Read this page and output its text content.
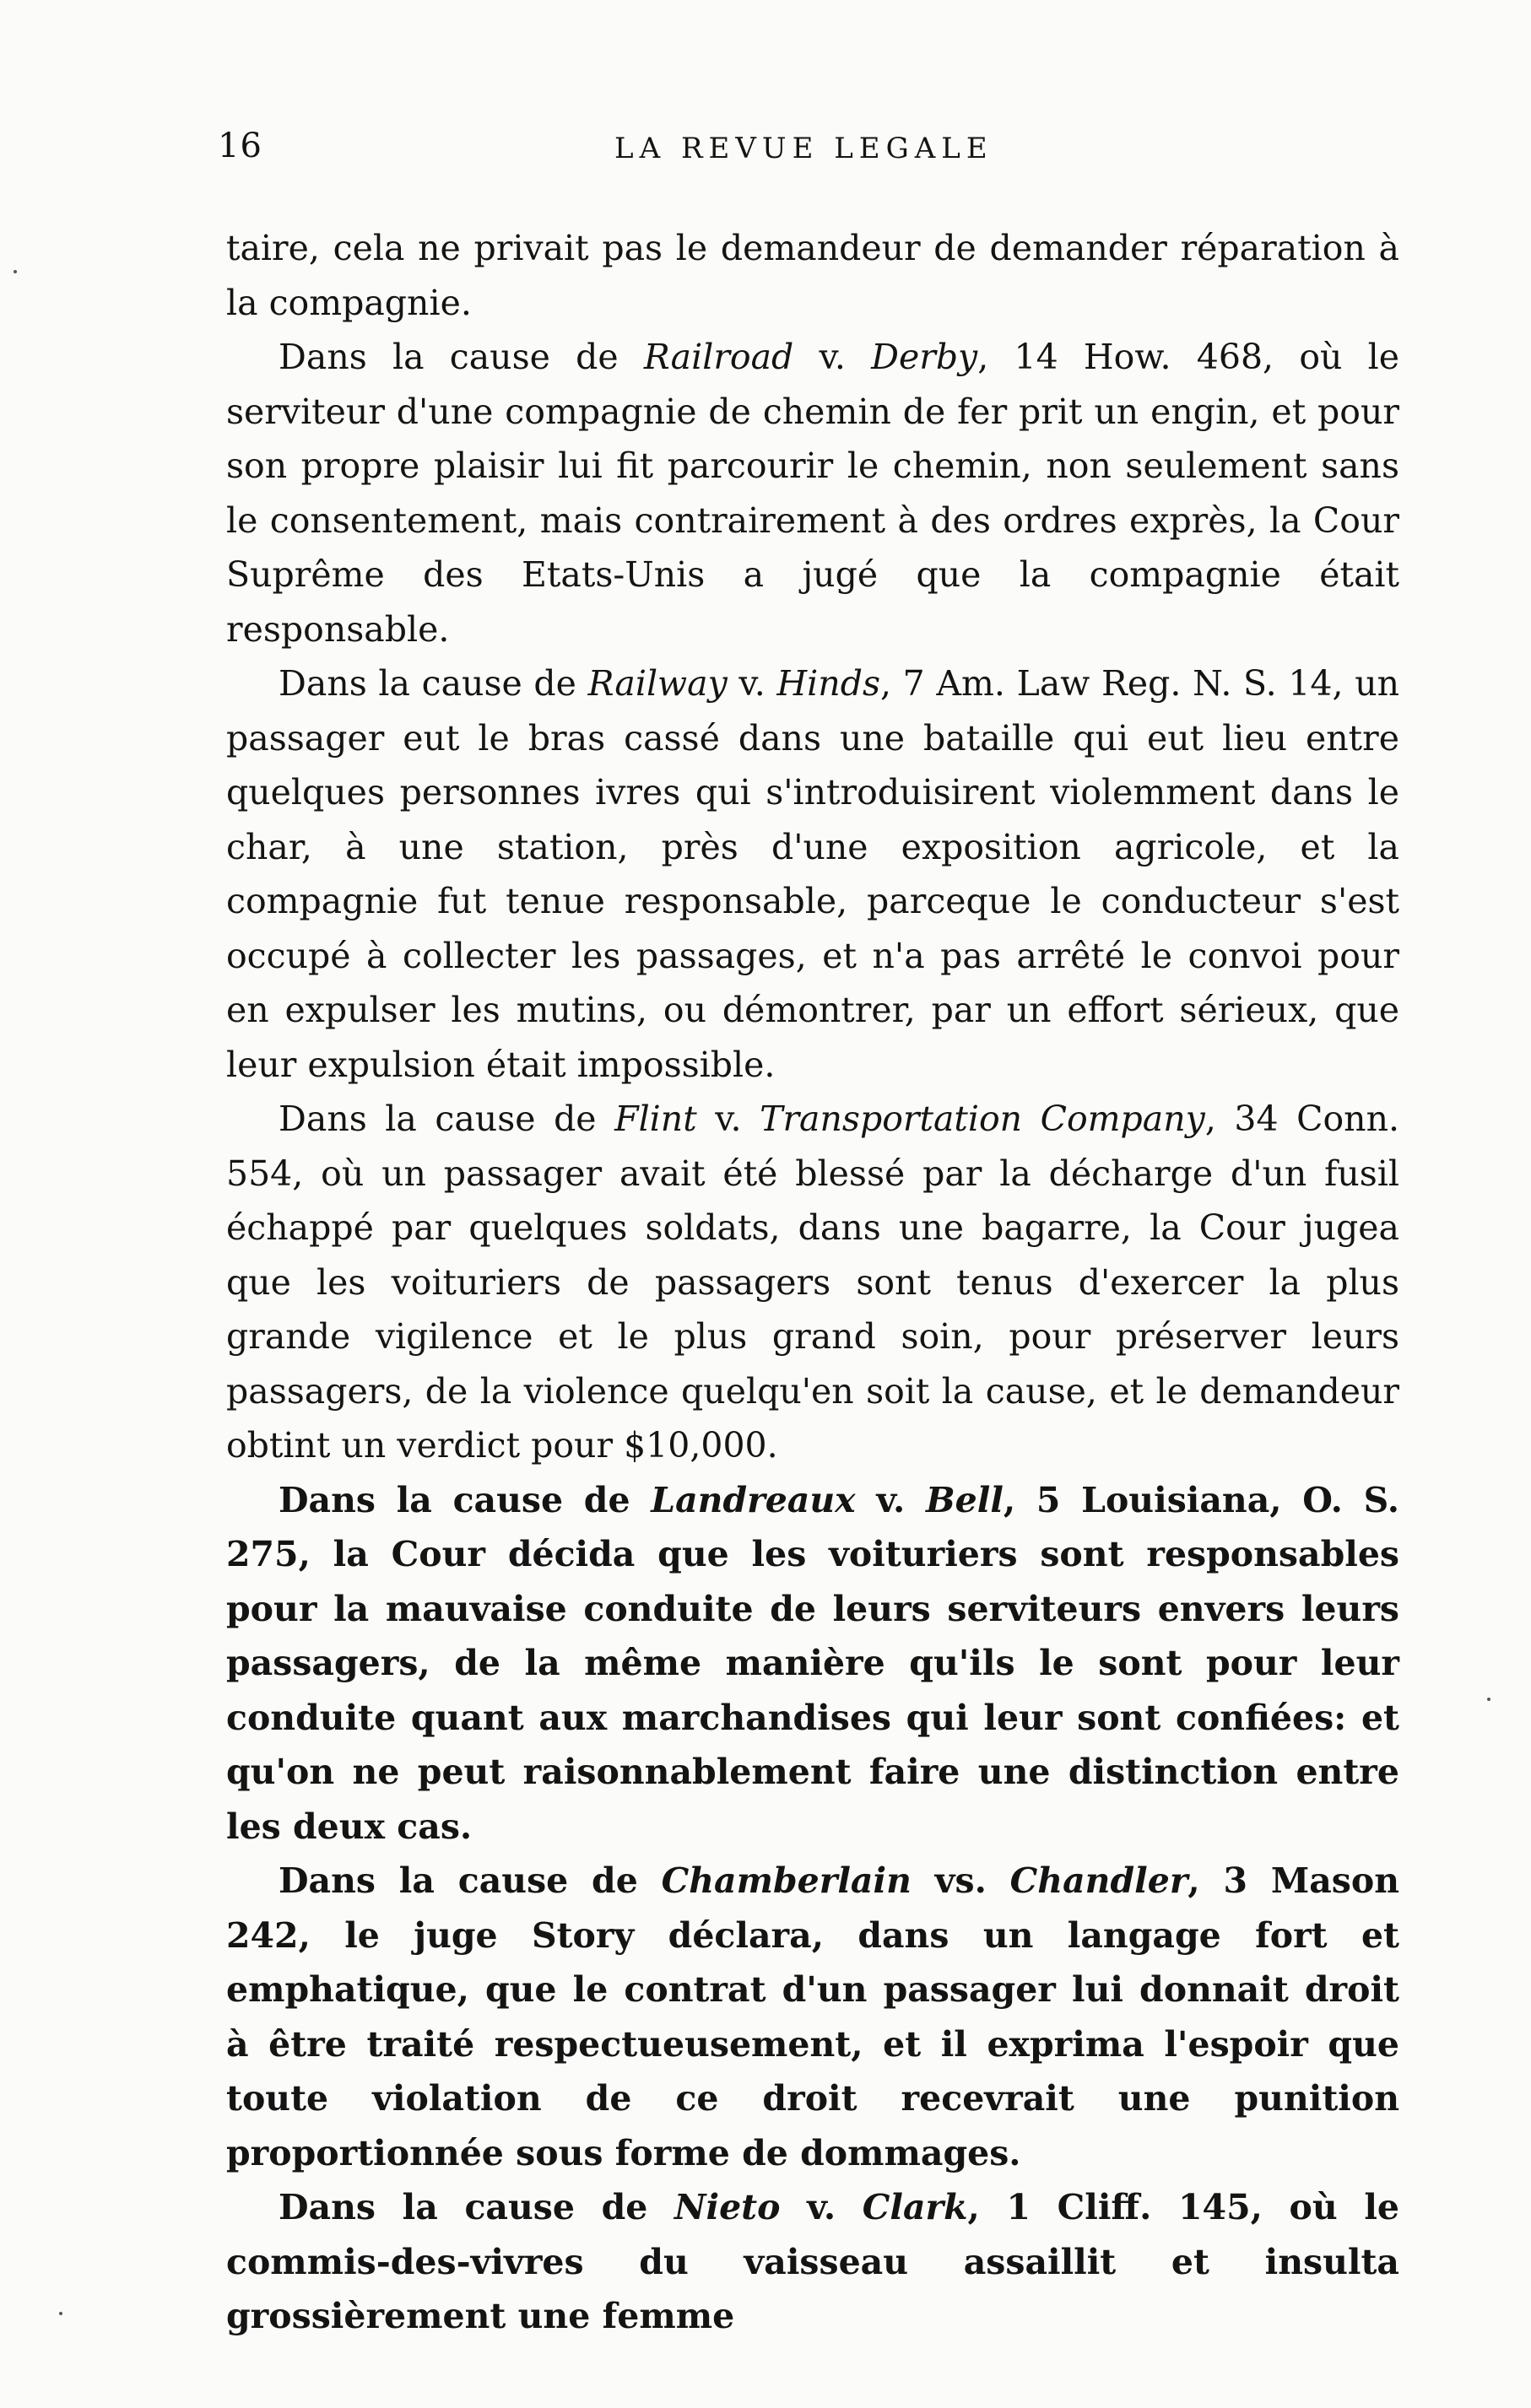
16	LA REVUE LEGALE

taire, cela ne privait pas le demandeur de demander réparation à la compagnie.

Dans la cause de Railroad v. Derby, 14 How. 468, où le serviteur d'une compagnie de chemin de fer prit un engin, et pour son propre plaisir lui fit parcourir le chemin, non seulement sans le consentement, mais contrairement à des ordres exprès, la Cour Suprême des Etats-Unis a jugé que la compagnie était responsable.

Dans la cause de Railway v. Hinds, 7 Am. Law Reg. N. S. 14, un passager eut le bras cassé dans une bataille qui eut lieu entre quelques personnes ivres qui s'introduisirent violemment dans le char, à une station, près d'une exposition agricole, et la compagnie fut tenue responsable, parceque le conducteur s'est occupé à collecter les passages, et n'a pas arrêté le convoi pour en expulser les mutins, ou démontrer, par un effort sérieux, que leur expulsion était impossible.

Dans la cause de Flint v. Transportation Company, 34 Conn. 554, où un passager avait été blessé par la décharge d'un fusil échappé par quelques soldats, dans une bagarre, la Cour jugea que les voituriers de passagers sont tenus d'exercer la plus grande vigilence et le plus grand soin, pour préserver leurs passagers, de la violence quelqu'en soit la cause, et le demandeur obtint un verdict pour $10,000.

Dans la cause de Landreaux v. Bell, 5 Louisiana, O. S. 275, la Cour décida que les voituriers sont responsables pour la mauvaise conduite de leurs serviteurs envers leurs passagers, de la même manière qu'ils le sont pour leur conduite quant aux marchandises qui leur sont confiées: et qu'on ne peut raisonnablement faire une distinction entre les deux cas.

Dans la cause de Chamberlain vs. Chandler, 3 Mason 242, le juge Story déclara, dans un langage fort et emphatique, que le contrat d'un passager lui donnait droit à être traité respectueusement, et il exprima l'espoir que toute violation de ce droit recevrait une punition proportionnée sous forme de dommages.

Dans la cause de Nieto v. Clark, 1 Cliff. 145, où le commis-des-vivres du vaisseau assaillit et insulta grossièrement une femme
